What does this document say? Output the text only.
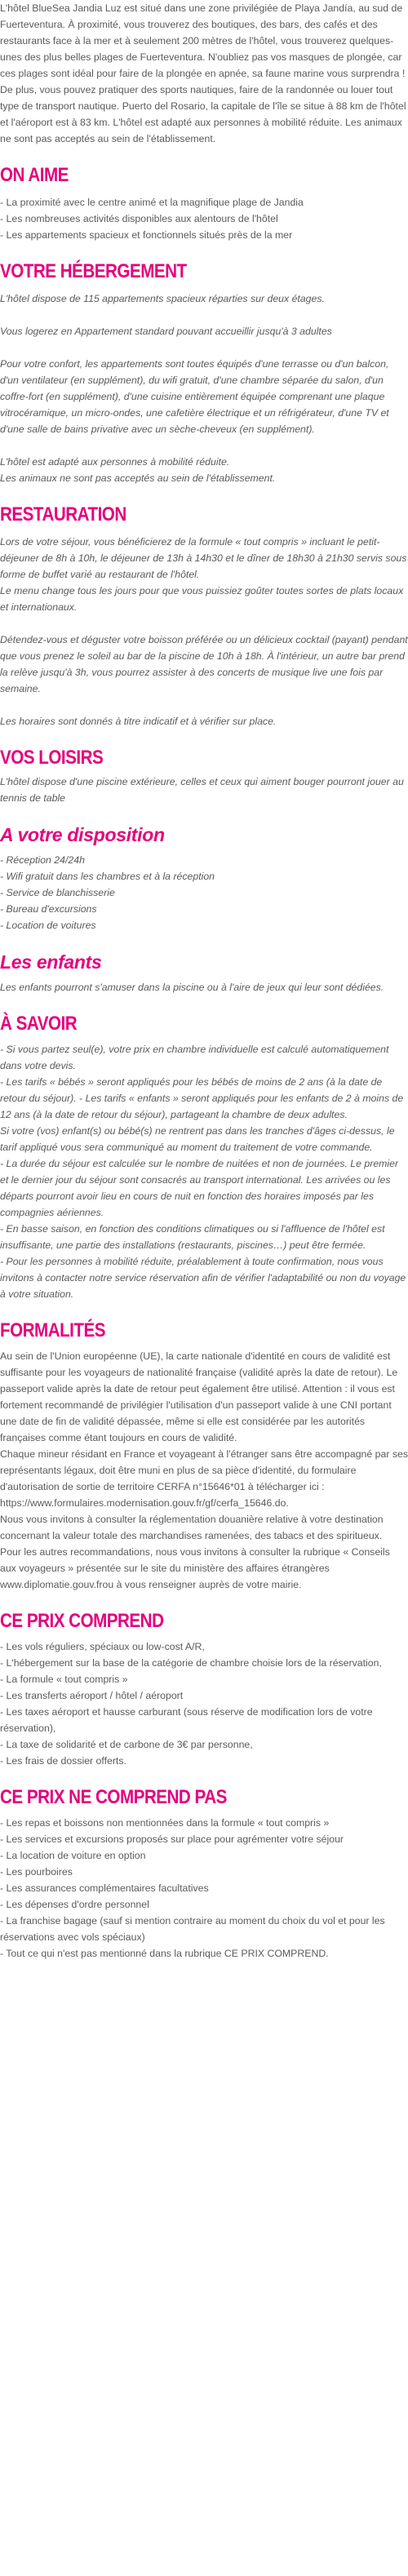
L'hôtel BlueSea Jandia Luz est situé dans une zone privilégiée de Playa Jandía, au sud de Fuerteventura. À proximité, vous trouverez des boutiques, des bars, des cafés et des restaurants face à la mer et à seulement 200 mètres de l'hôtel, vous trouverez quelques-unes des plus belles plages de Fuerteventura. N'oubliez pas vos masques de plongée, car ces plages sont idéal pour faire de la plongée en apnée, sa faune marine vous surprendra ! De plus, vous pouvez pratiquer des sports nautiques, faire de la randonnée ou louer tout type de transport nautique. Puerto del Rosario, la capitale de l'île se situe à 88 km de l'hôtel et l'aéroport est à 83 km. L'hôtel est adapté aux personnes à mobilité réduite. Les animaux ne sont pas acceptés au sein de l'établissement.

ON AIME
- La proximité avec le centre animé et la magnifique plage de Jandia
- Les nombreuses activités disponibles aux alentours de l'hôtel
- Les appartements spacieux et fonctionnels situés près de la mer
VOTRE HÉBERGEMENT

L'hôtel dispose de 115 appartements spacieux réparties sur deux étages.

Vous logerez en Appartement standard pouvant accueillir jusqu'à 3 adultes

Pour votre confort, les appartements sont toutes équipés d'une terrasse ou d'un balcon, d'un ventilateur (en supplément), du wifi gratuit, d'une chambre séparée du salon, d'un coffre-fort (en supplément), d'une cuisine entièrement équipée comprenant une plaque vitrocéramique, un micro-ondes, une cafetière électrique et un réfrigérateur, d'une TV et d'une salle de bains privative avec un sèche-cheveux (en supplément).

L'hôtel est adapté aux personnes à mobilité réduite.

Les animaux ne sont pas acceptés au sein de l'établissement.

RESTAURATION

Lors de votre séjour, vous bénéficierez de la formule « tout compris » incluant le petit-déjeuner de 8h à 10h, le déjeuner de 13h à 14h30 et le dîner de 18h30 à 21h30 servis sous forme de buffet varié au restaurant de l'hôtel.

Le menu change tous les jours pour que vous puissiez goûter toutes sortes de plats locaux et internationaux.

Détendez-vous et déguster votre boisson préférée ou un délicieux cocktail (payant) pendant que vous prenez le soleil au bar de la piscine de 10h à 18h. À l'intérieur, un autre bar prend la relève jusqu'à 3h, vous pourrez assister à des concerts de musique live une fois par semaine.

Les horaires sont donnés à titre indicatif et à vérifier sur place.

VOS LOISIRS

L'hôtel dispose d'une piscine extérieure, celles et ceux qui aiment bouger pourront jouer au tennis de table

A votre disposition
- Réception 24/24h
- Wifi gratuit dans les chambres et à la réception
- Service de blanchisserie
- Bureau d'excursions
- Location de voitures
Les enfants

Les enfants pourront s'amuser dans la piscine ou à l'aire de jeux qui leur sont dédiées.

À SAVOIR

- Si vous partez seul(e), votre prix en chambre individuelle est calculé automatiquement dans votre devis.

- Les tarifs « bébés » seront appliqués pour les bébés de moins de 2 ans (à la date de retour du séjour). - Les tarifs « enfants » seront appliqués pour les enfants de 2 à moins de 12 ans (à la date de retour du séjour), partageant la chambre de deux adultes.

Si votre (vos) enfant(s) ou bébé(s) ne rentrent pas dans les tranches d'âges ci-dessus, le tarif appliqué vous sera communiqué au moment du traitement de votre commande.

- La durée du séjour est calculée sur le nombre de nuitées et non de journées. Le premier et le dernier jour du séjour sont consacrés au transport international. Les arrivées ou les départs pourront avoir lieu en cours de nuit en fonction des horaires imposés par les compagnies aériennes.

- En basse saison, en fonction des conditions climatiques ou si l'affluence de l'hôtel est insuffisante, une partie des installations (restaurants, piscines…) peut être fermée.

- Pour les personnes à mobilité réduite, préalablement à toute confirmation, nous vous invitons à contacter notre service réservation afin de vérifier l'adaptabilité ou non du voyage à votre situation.

FORMALITÉS

Au sein de l'Union européenne (UE), la carte nationale d'identité en cours de validité est suffisante pour les voyageurs de nationalité française (validité après la date de retour). Le passeport valide après la date de retour peut également être utilisé. Attention : il vous est fortement recommandé de privilégier l'utilisation d'un passeport valide à une CNI portant une date de fin de validité dépassée, même si elle est considérée par les autorités françaises comme étant toujours en cours de validité.

Chaque mineur résidant en France et voyageant à l'étranger sans être accompagné par ses représentants légaux, doit être muni en plus de sa pièce d'identité, du formulaire d'autorisation de sortie de territoire CERFA n°15646*01 à télécharger ici :

https://www.formulaires.modernisation.gouv.fr/gf/cerfa_15646.do.

Nous vous invitons à consulter la réglementation douanière relative à votre destination concernant la valeur totale des marchandises ramenées, des tabacs et des spiritueux.

Pour les autres recommandations, nous vous invitons à consulter la rubrique « Conseils aux voyageurs » présentée sur le site du ministère des affaires étrangères www.diplomatie.gouv.frou à vous renseigner auprès de votre mairie.

CE PRIX COMPREND
- Les vols réguliers, spéciaux ou low-cost A/R,
- L'hébergement sur la base de la catégorie de chambre choisie lors de la réservation,
- La formule « tout compris »
- Les transferts aéroport / hôtel / aéroport
- Les taxes aéroport et hausse carburant (sous réserve de modification lors de votre réservation),
- La taxe de solidarité et de carbone de 3€ par personne,
- Les frais de dossier offerts.
CE PRIX NE COMPREND PAS
- Les repas et boissons non mentionnées dans la formule « tout compris »
- Les services et excursions proposés sur place pour agrémenter votre séjour
- La location de voiture en option
- Les pourboires
- Les assurances complémentaires facultatives
- Les dépenses d'ordre personnel
- La franchise bagage (sauf si mention contraire au moment du choix du vol et pour les réservations avec vols spéciaux)
- Tout ce qui n'est pas mentionné dans la rubrique CE PRIX COMPREND.
